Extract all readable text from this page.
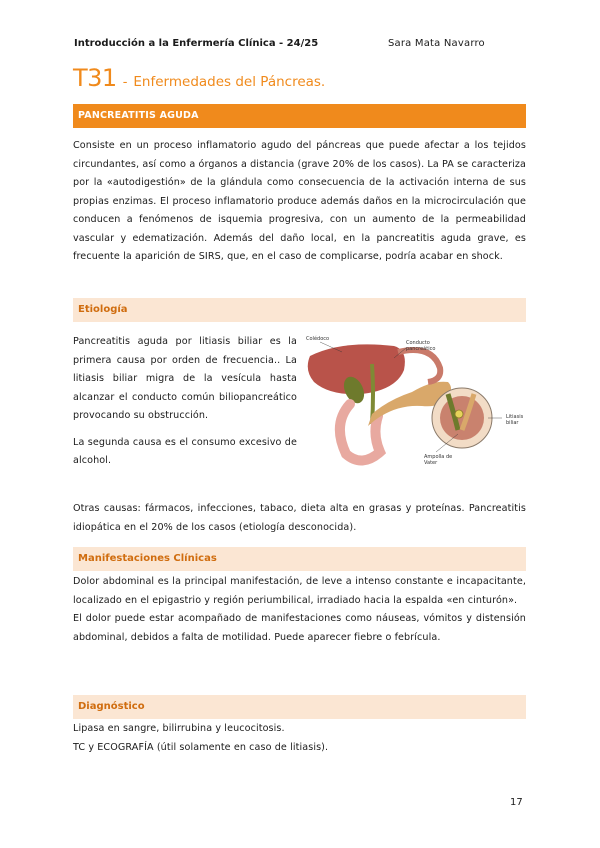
Introducción a la Enfermería Clínica - 24/25	Sara Mata Navarro
T31 - Enfermedades del Páncreas.
PANCREATITIS AGUDA

Consiste en un proceso inflamatorio agudo del páncreas que puede afectar a los tejidos circundantes, así como a órganos a distancia (grave 20% de los casos). La PA se caracteriza por la «autodigestión» de la glándula como consecuencia de la activación interna de sus propias enzimas. El proceso inflamatorio produce además daños en la microcirculación que conducen a fenómenos de isquemia progresiva, con un aumento de la permeabilidad vascular y edematización. Además del daño local, en la pancreatitis aguda grave, es frecuente la aparición de SIRS, que, en el caso de complicarse, podría acabar en shock.

Etiología

Pancreatitis aguda por litiasis biliar es la primera causa por orden de frecuencia.. La litiasis biliar migra de la vesícula hasta alcanzar el conducto común biliopancreático provocando su obstrucción.

La segunda causa es el consumo excesivo de alcohol.

Colédoco
Conducto pancreático
Litiasis biliar
Ampolla de Vater

Otras causas: fármacos, infecciones, tabaco, dieta alta en grasas y proteínas. Pancreatitis idiopática en el 20% de los casos (etiología desconocida).

Manifestaciones Clínicas

Dolor abdominal es la principal manifestación, de leve a intenso constante e incapacitante, localizado en el epigastrio y región periumbilical, irradiado hacia la espalda «en cinturón».

El dolor puede estar acompañado de manifestaciones como náuseas, vómitos y distensión abdominal, debidos a falta de motilidad. Puede aparecer fiebre o febrícula.

Diagnóstico

Lipasa en sangre, bilirrubina y leucocitosis.

TC y ECOGRAFÍA (útil solamente en caso de litiasis).

17
